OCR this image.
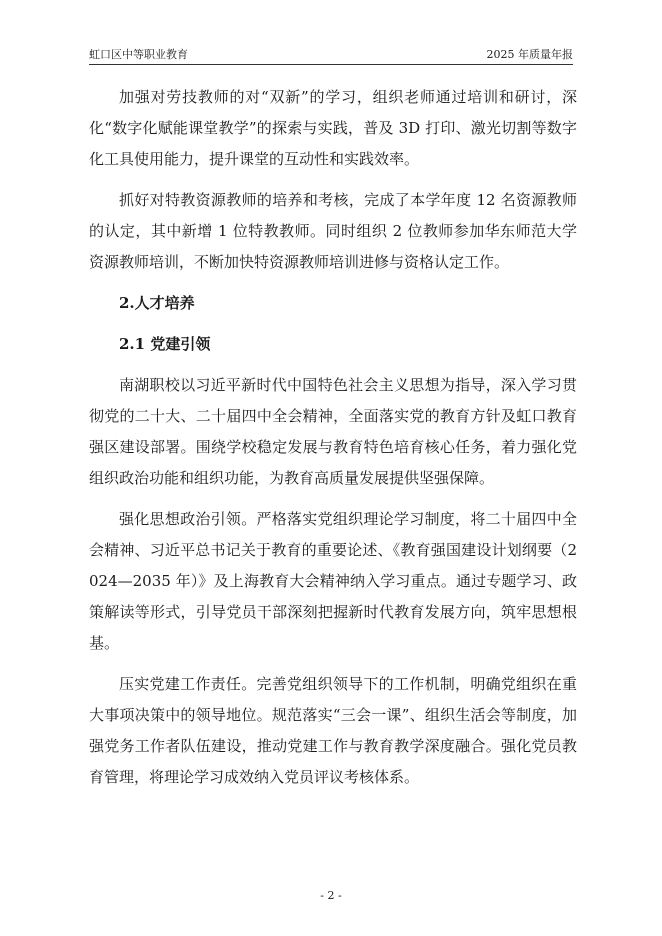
虹口区中等职业教育	2025 年质量年报

加强对劳技教师的对“双新”的学习，组织老师通过培训和研讨，深化“数字化赋能课堂教学”的探索与实践，普及 3D 打印、激光切割等数字化工具使用能力，提升课堂的互动性和实践效率。

抓好对特教资源教师的培养和考核，完成了本学年度 12 名资源教师的认定，其中新增 1 位特教教师。同时组织 2 位教师参加华东师范大学资源教师培训，不断加快特资源教师培训进修与资格认定工作。

2.人才培养

2.1 党建引领

南湖职校以习近平新时代中国特色社会主义思想为指导，深入学习贯彻党的二十大、二十届四中全会精神，全面落实党的教育方针及虹口教育强区建设部署。围绕学校稳定发展与教育特色培育核心任务，着力强化党组织政治功能和组织功能，为教育高质量发展提供坚强保障。

强化思想政治引领。严格落实党组织理论学习制度，将二十届四中全会精神、习近平总书记关于教育的重要论述、《教育强国建设计划纲要（2024—2035 年）》及上海教育大会精神纳入学习重点。通过专题学习、政策解读等形式，引导党员干部深刻把握新时代教育发展方向，筑牢思想根基。

压实党建工作责任。完善党组织领导下的工作机制，明确党组织在重大事项决策中的领导地位。规范落实“三会一课”、组织生活会等制度，加强党务工作者队伍建设，推动党建工作与教育教学深度融合。强化党员教育管理，将理论学习成效纳入党员评议考核体系。

- 2 -
